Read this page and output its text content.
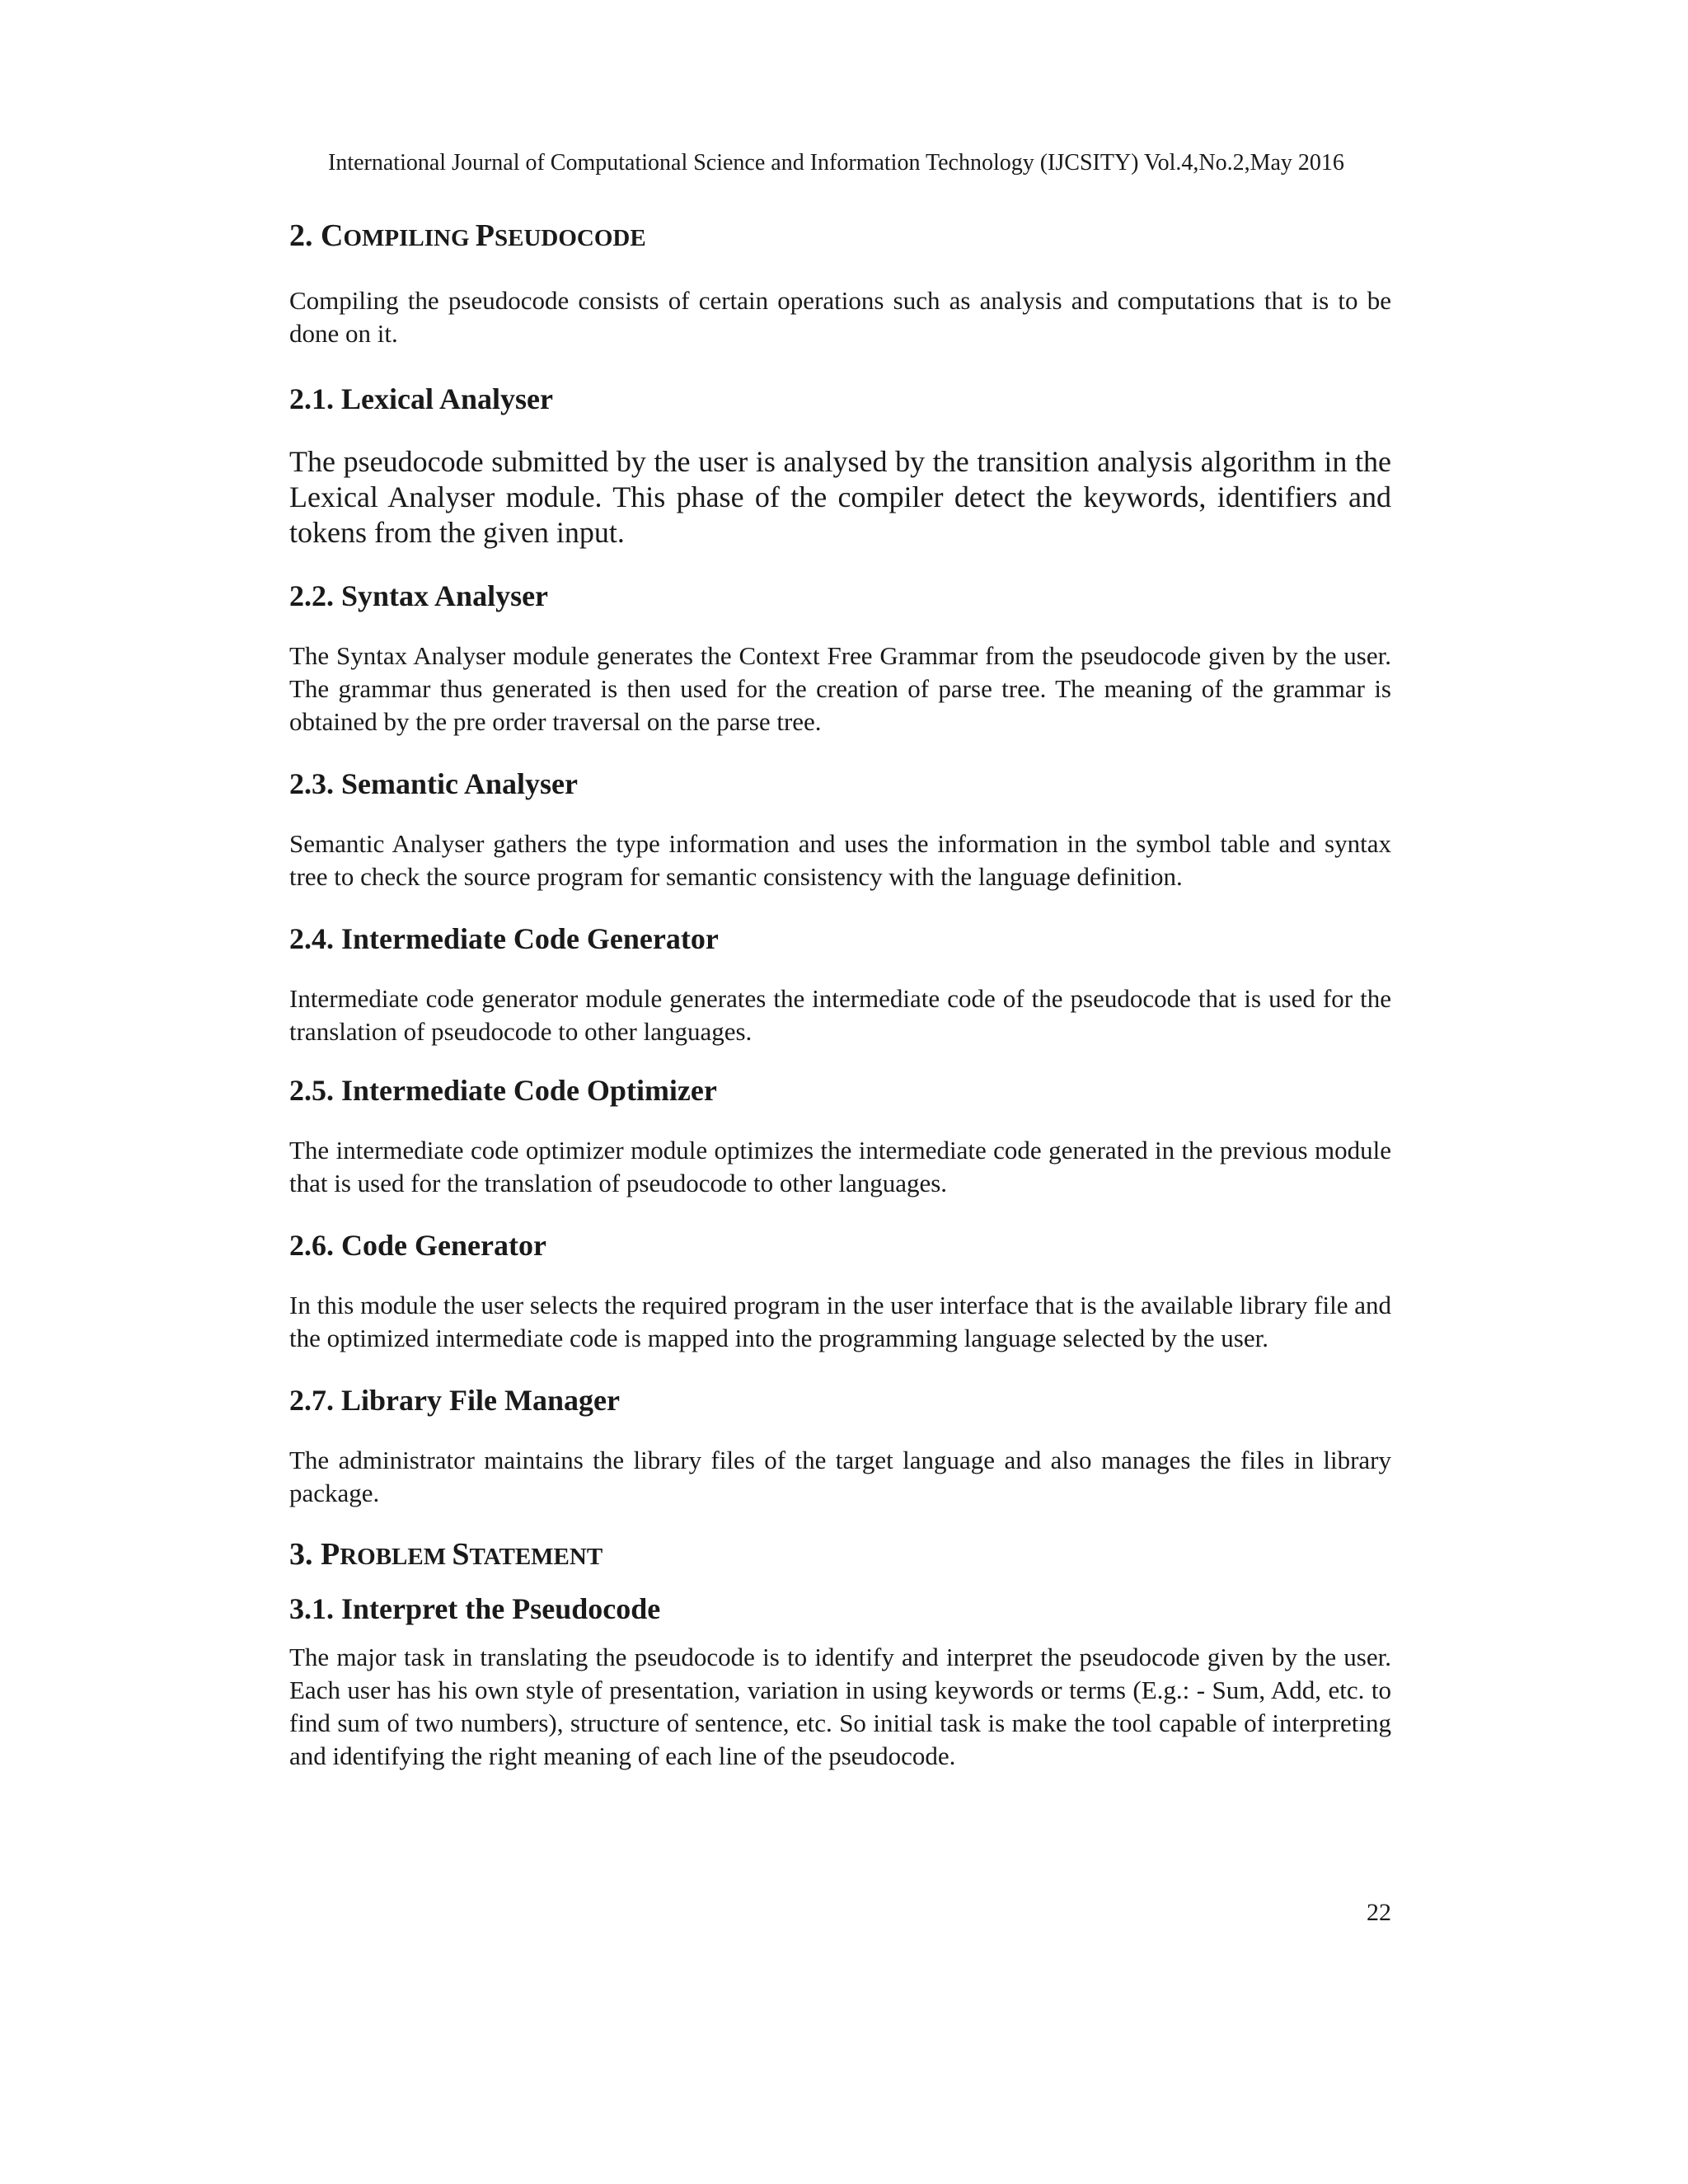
International Journal of Computational Science and Information Technology (IJCSITY) Vol.4,No.2,May 2016
2. COMPILING PSEUDOCODE

Compiling the pseudocode consists of certain operations such as analysis and computations that is to be done on it.

2.1. Lexical Analyser

The pseudocode submitted by the user is analysed by the transition analysis algorithm in the Lexical Analyser module. This phase of the compiler detect the keywords, identifiers and tokens from the given input.

2.2. Syntax Analyser

The Syntax Analyser module generates the Context Free Grammar from the pseudocode given by the user. The grammar thus generated is then used for the creation of parse tree. The meaning of the grammar is obtained by the pre order traversal on the parse tree.

2.3. Semantic Analyser

Semantic Analyser gathers the type information and uses the information in the symbol table and syntax tree to check the source program for semantic consistency with the language definition.

2.4. Intermediate Code Generator

Intermediate code generator module generates the intermediate code of the pseudocode that is used for the translation of pseudocode to other languages.

2.5. Intermediate Code Optimizer

The intermediate code optimizer module optimizes the intermediate code generated in the previous module that is used for the translation of pseudocode to other languages.

2.6. Code Generator

In this module the user selects the required program in the user interface that is the available library file and the optimized intermediate code is mapped into the programming language selected by the user.

2.7. Library File Manager

The administrator maintains the library files of the target language and also manages the files in library package.

3. PROBLEM STATEMENT
3.1. Interpret the Pseudocode

The major task in translating the pseudocode is to identify and interpret the pseudocode given by the user. Each user has his own style of presentation, variation in using keywords or terms (E.g.: - Sum, Add, etc. to find sum of two numbers), structure of sentence, etc. So initial task is make the tool capable of interpreting and identifying the right meaning of each line of the pseudocode.

22
